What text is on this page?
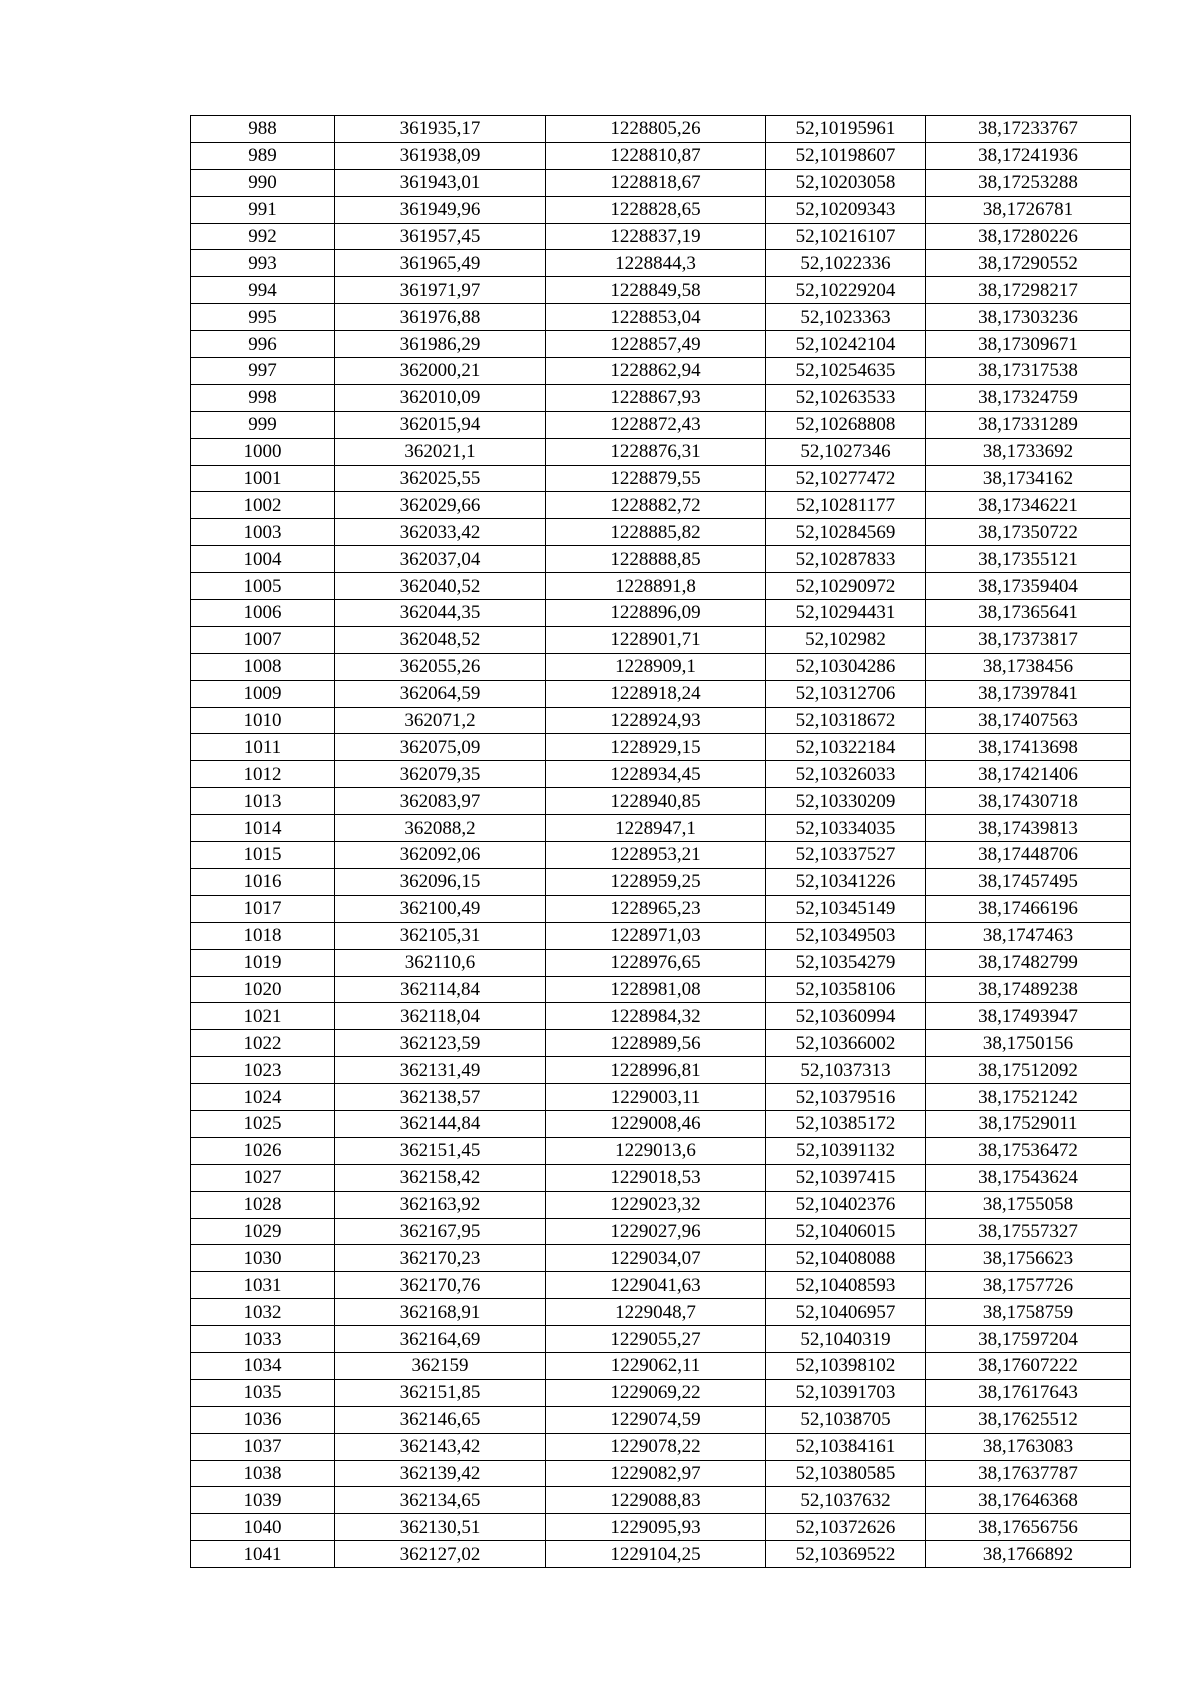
988	361935,17	1228805,26	52,10195961	38,17233767
989	361938,09	1228810,87	52,10198607	38,17241936
990	361943,01	1228818,67	52,10203058	38,17253288
991	361949,96	1228828,65	52,10209343	38,1726781
992	361957,45	1228837,19	52,10216107	38,17280226
993	361965,49	1228844,3	52,1022336	38,17290552
994	361971,97	1228849,58	52,10229204	38,17298217
995	361976,88	1228853,04	52,1023363	38,17303236
996	361986,29	1228857,49	52,10242104	38,17309671
997	362000,21	1228862,94	52,10254635	38,17317538
998	362010,09	1228867,93	52,10263533	38,17324759
999	362015,94	1228872,43	52,10268808	38,17331289
1000	362021,1	1228876,31	52,1027346	38,1733692
1001	362025,55	1228879,55	52,10277472	38,1734162
1002	362029,66	1228882,72	52,10281177	38,17346221
1003	362033,42	1228885,82	52,10284569	38,17350722
1004	362037,04	1228888,85	52,10287833	38,17355121
1005	362040,52	1228891,8	52,10290972	38,17359404
1006	362044,35	1228896,09	52,10294431	38,17365641
1007	362048,52	1228901,71	52,102982	38,17373817
1008	362055,26	1228909,1	52,10304286	38,1738456
1009	362064,59	1228918,24	52,10312706	38,17397841
1010	362071,2	1228924,93	52,10318672	38,17407563
1011	362075,09	1228929,15	52,10322184	38,17413698
1012	362079,35	1228934,45	52,10326033	38,17421406
1013	362083,97	1228940,85	52,10330209	38,17430718
1014	362088,2	1228947,1	52,10334035	38,17439813
1015	362092,06	1228953,21	52,10337527	38,17448706
1016	362096,15	1228959,25	52,10341226	38,17457495
1017	362100,49	1228965,23	52,10345149	38,17466196
1018	362105,31	1228971,03	52,10349503	38,1747463
1019	362110,6	1228976,65	52,10354279	38,17482799
1020	362114,84	1228981,08	52,10358106	38,17489238
1021	362118,04	1228984,32	52,10360994	38,17493947
1022	362123,59	1228989,56	52,10366002	38,1750156
1023	362131,49	1228996,81	52,1037313	38,17512092
1024	362138,57	1229003,11	52,10379516	38,17521242
1025	362144,84	1229008,46	52,10385172	38,17529011
1026	362151,45	1229013,6	52,10391132	38,17536472
1027	362158,42	1229018,53	52,10397415	38,17543624
1028	362163,92	1229023,32	52,10402376	38,1755058
1029	362167,95	1229027,96	52,10406015	38,17557327
1030	362170,23	1229034,07	52,10408088	38,1756623
1031	362170,76	1229041,63	52,10408593	38,1757726
1032	362168,91	1229048,7	52,10406957	38,1758759
1033	362164,69	1229055,27	52,1040319	38,17597204
1034	362159	1229062,11	52,10398102	38,17607222
1035	362151,85	1229069,22	52,10391703	38,17617643
1036	362146,65	1229074,59	52,1038705	38,17625512
1037	362143,42	1229078,22	52,10384161	38,1763083
1038	362139,42	1229082,97	52,10380585	38,17637787
1039	362134,65	1229088,83	52,1037632	38,17646368
1040	362130,51	1229095,93	52,10372626	38,17656756
1041	362127,02	1229104,25	52,10369522	38,1766892
